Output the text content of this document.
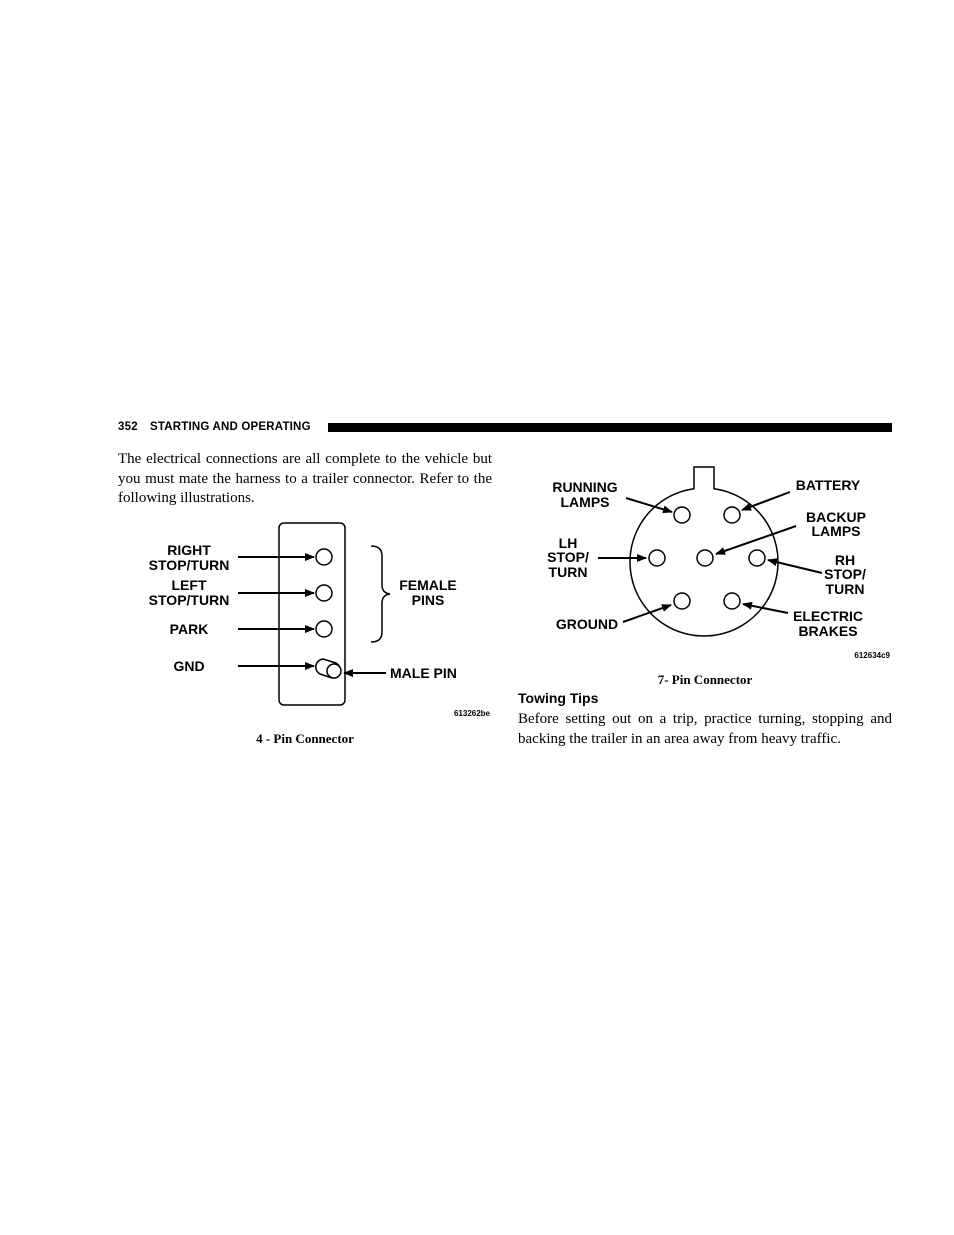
352 STARTING AND OPERATING
The electrical connections are all complete to the vehicle but you must mate the harness to a trailer connector. Refer to the following illustrations.
RIGHT
STOP/TURN
LEFT
STOP/TURN
PARK
GND
FEMALE
PINS
MALE PIN
613262be
4 - Pin Connector
RUNNING
LAMPS
BATTERY
BACKUP
LAMPS
LH
STOP/
TURN
RH
STOP/
TURN
GROUND	ELECTRIC
BRAKES
612634c9
7- Pin Connector
Towing Tips
Before setting out on a trip, practice turning, stopping and backing the trailer in an area away from heavy traffic.
